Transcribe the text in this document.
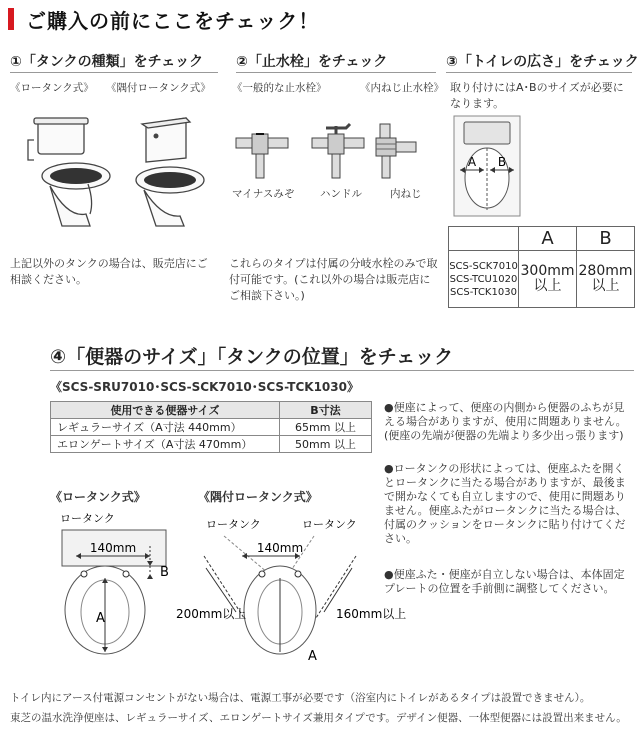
ご購入の前にここをチェック！
①「タンクの種類」をチェック
《ロータンク式》 《隅付ロータンク式》
上記以外のタンクの場合は、販売店にご相談ください。
②「止水栓」をチェック
《一般的な止水栓》	《内ねじ止水栓》
マイナスみぞ ハンドル	内ねじ
これらのタイプは付属の分岐水栓のみで取付可能です。(これ以外の場合は販売店にご相談下さい。)
③「トイレの広さ」をチェック
取り付けにはA･Bのサイズが必要になります。
A B
	A	B

SCS-SCK7010
SCS-TCU1020
SCS-TCK1030	300mm以上	280mm以上
④「便器のサイズ」「タンクの位置」をチェック
《SCS-SRU7010･SCS-SCK7010･SCS-TCK1030》
使用できる便器サイズ	B寸法
レギュラーサイズ（A寸法 440mm）	65mm 以上
エロンゲートサイズ（A寸法 470mm）	50mm 以上
《ロータンク式》	《隅付ロータンク式》
ロータンク
140mm
A
B
ロータンク	ロータンク
140mm
200mm以上	160mm以上
A
●便座によって、便座の内側から便器のふちが見える場合がありますが、使用に問題ありません。(便座の先端が便器の先端より多少出っ張ります)
●ロータンクの形状によっては、便座ふたを開くとロータンクに当たる場合がありますが、最後まで開かなくても自立しますので、使用に問題ありません。便座ふたがロータンクに当たる場合は、付属のクッションをロータンクに貼り付けてください。
●便座ふた・便座が自立しない場合は、本体固定プレートの位置を手前側に調整してください。
トイレ内にアース付電源コンセントがない場合は、電源工事が必要です（浴室内にトイレがあるタイプは設置できません）。
東芝の温水洗浄便座は、レギュラーサイズ、エロンゲートサイズ兼用タイプです。デザイン便器、一体型便器には設置出来ません。
